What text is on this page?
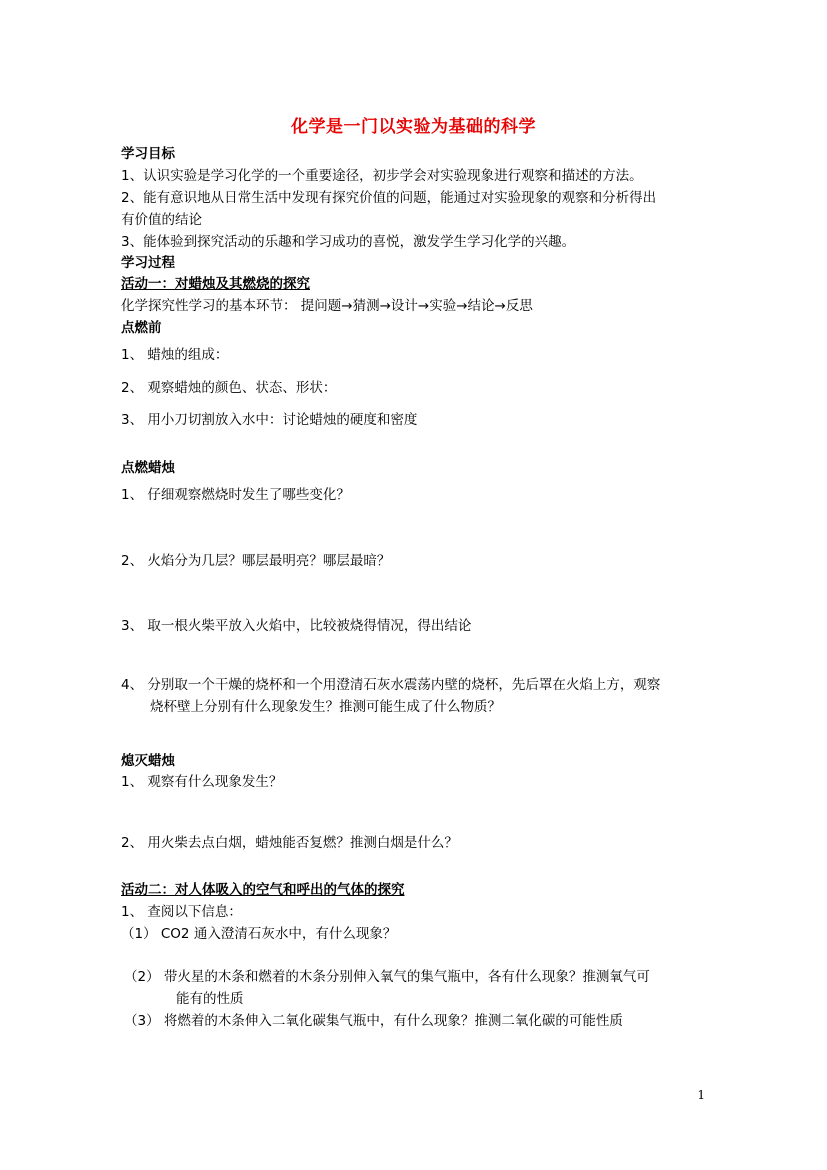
化学是一门以实验为基础的科学
学习目标
1、认识实验是学习化学的一个重要途径，初步学会对实验现象进行观察和描述的方法。
2、能有意识地从日常生活中发现有探究价值的问题，能通过对实验现象的观察和分析得出
有价值的结论
3、能体验到探究活动的乐趣和学习成功的喜悦，激发学生学习化学的兴趣。
学习过程
活动一：对蜡烛及其燃烧的探究
化学探究性学习的基本环节： 提问题→猜测→设计→实验→结论→反思
点燃前
1、 蜡烛的组成：
2、 观察蜡烛的颜色、状态、形状：
3、 用小刀切割放入水中：讨论蜡烛的硬度和密度
点燃蜡烛
1、 仔细观察燃烧时发生了哪些变化？
2、 火焰分为几层？哪层最明亮？哪层最暗？
3、 取一根火柴平放入火焰中，比较被烧得情况，得出结论
4、 分别取一个干燥的烧杯和一个用澄清石灰水震荡内壁的烧杯，先后罩在火焰上方，观察
烧杯壁上分别有什么现象发生？推测可能生成了什么物质？
熄灭蜡烛
1、 观察有什么现象发生？
2、 用火柴去点白烟，蜡烛能否复燃？推测白烟是什么？
活动二：对人体吸入的空气和呼出的气体的探究
1、 查阅以下信息：
（1） CO2 通入澄清石灰水中，有什么现象？
（2） 带火星的木条和燃着的木条分别伸入氧气的集气瓶中，各有什么现象？推测氧气可
能有的性质
（3） 将燃着的木条伸入二氧化碳集气瓶中，有什么现象？推测二氧化碳的可能性质
1
